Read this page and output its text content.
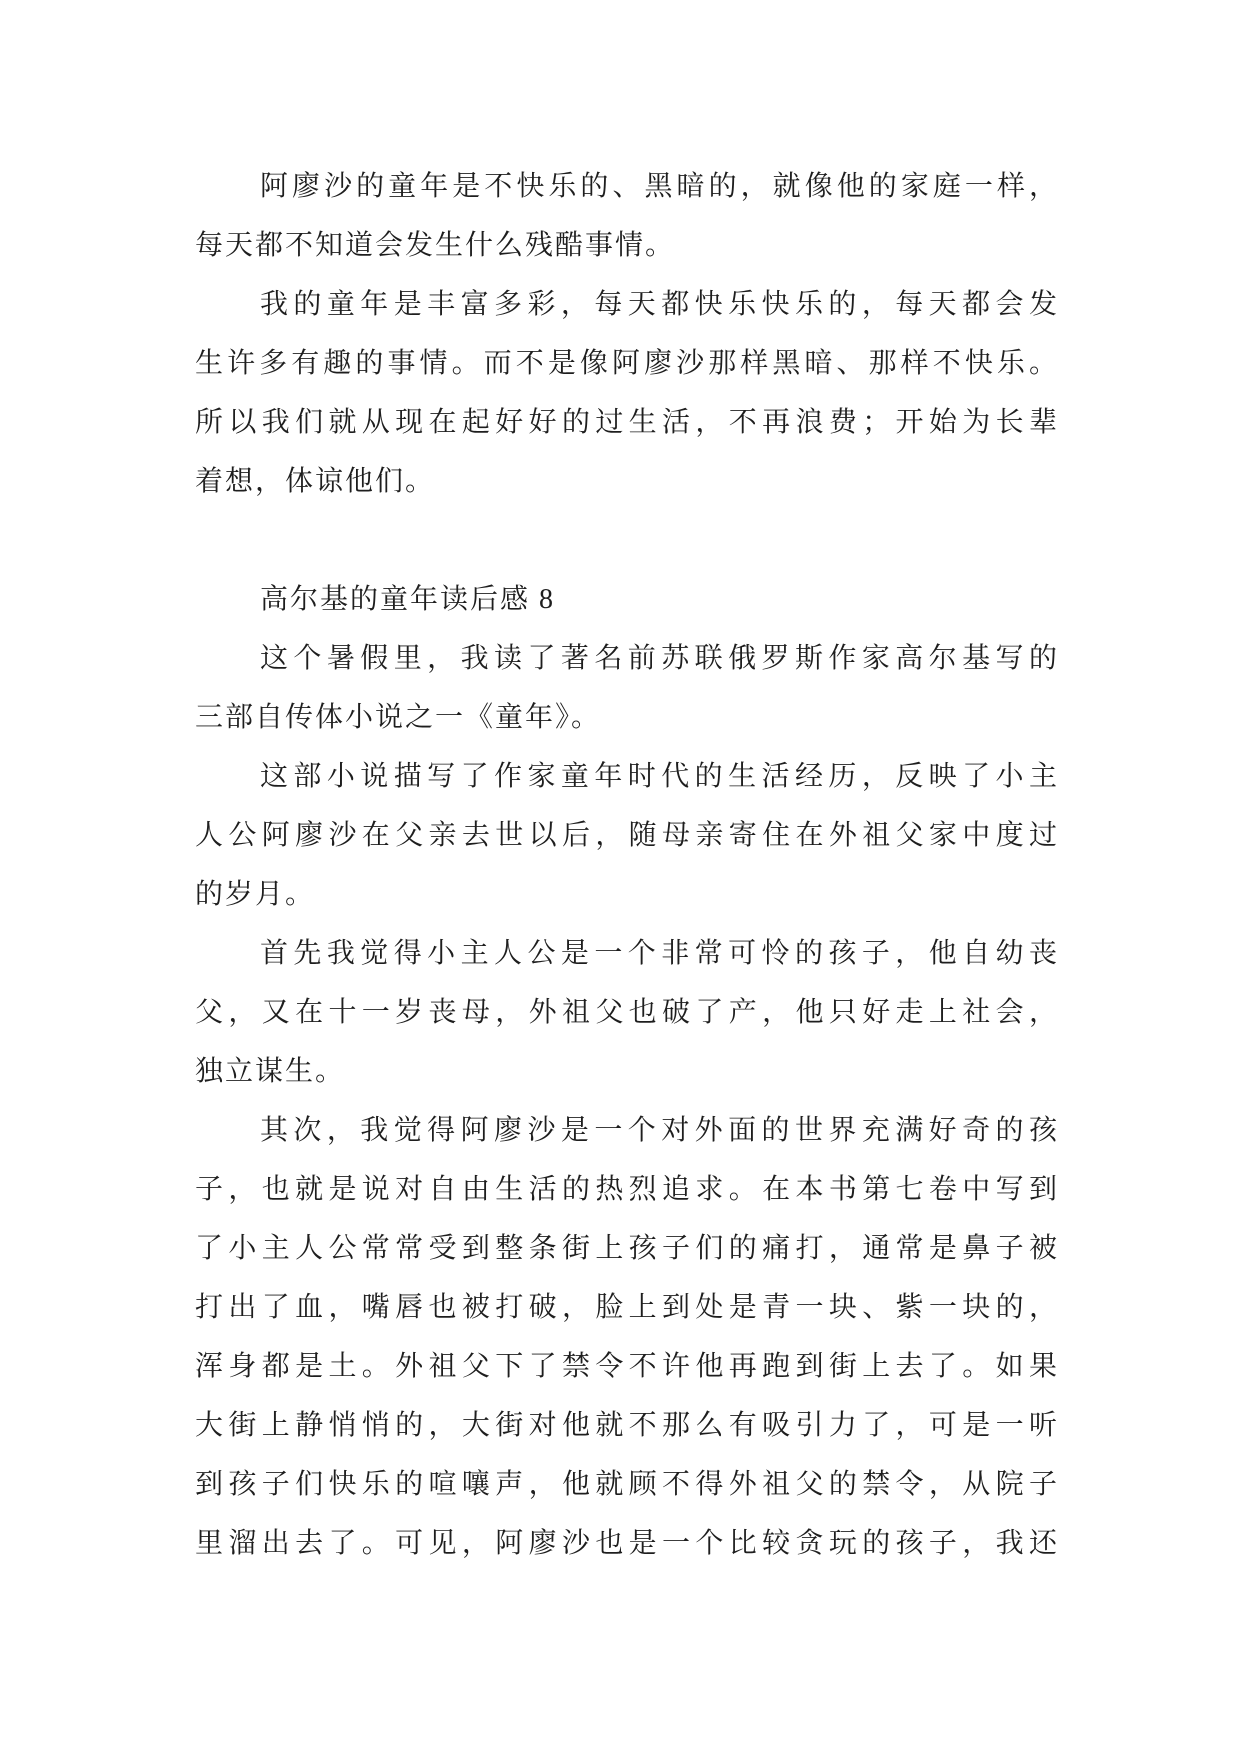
阿廖沙的童年是不快乐的、黑暗的，就像他的家庭一样，
每天都不知道会发生什么残酷事情。
我的童年是丰富多彩，每天都快乐快乐的，每天都会发
生许多有趣的事情。而不是像阿廖沙那样黑暗、那样不快乐。
所以我们就从现在起好好的过生活，不再浪费；开始为长辈
着想，体谅他们。
高尔基的童年读后感 8
这个暑假里，我读了著名前苏联俄罗斯作家高尔基写的
三部自传体小说之一《童年》。
这部小说描写了作家童年时代的生活经历，反映了小主
人公阿廖沙在父亲去世以后，随母亲寄住在外祖父家中度过
的岁月。
首先我觉得小主人公是一个非常可怜的孩子，他自幼丧
父，又在十一岁丧母，外祖父也破了产，他只好走上社会，
独立谋生。
其次，我觉得阿廖沙是一个对外面的世界充满好奇的孩
子，也就是说对自由生活的热烈追求。在本书第七卷中写到
了小主人公常常受到整条街上孩子们的痛打，通常是鼻子被
打出了血，嘴唇也被打破，脸上到处是青一块、紫一块的，
浑身都是土。外祖父下了禁令不许他再跑到街上去了。如果
大街上静悄悄的，大街对他就不那么有吸引力了，可是一听
到孩子们快乐的喧嚷声，他就顾不得外祖父的禁令，从院子
里溜出去了。可见，阿廖沙也是一个比较贪玩的孩子，我还
